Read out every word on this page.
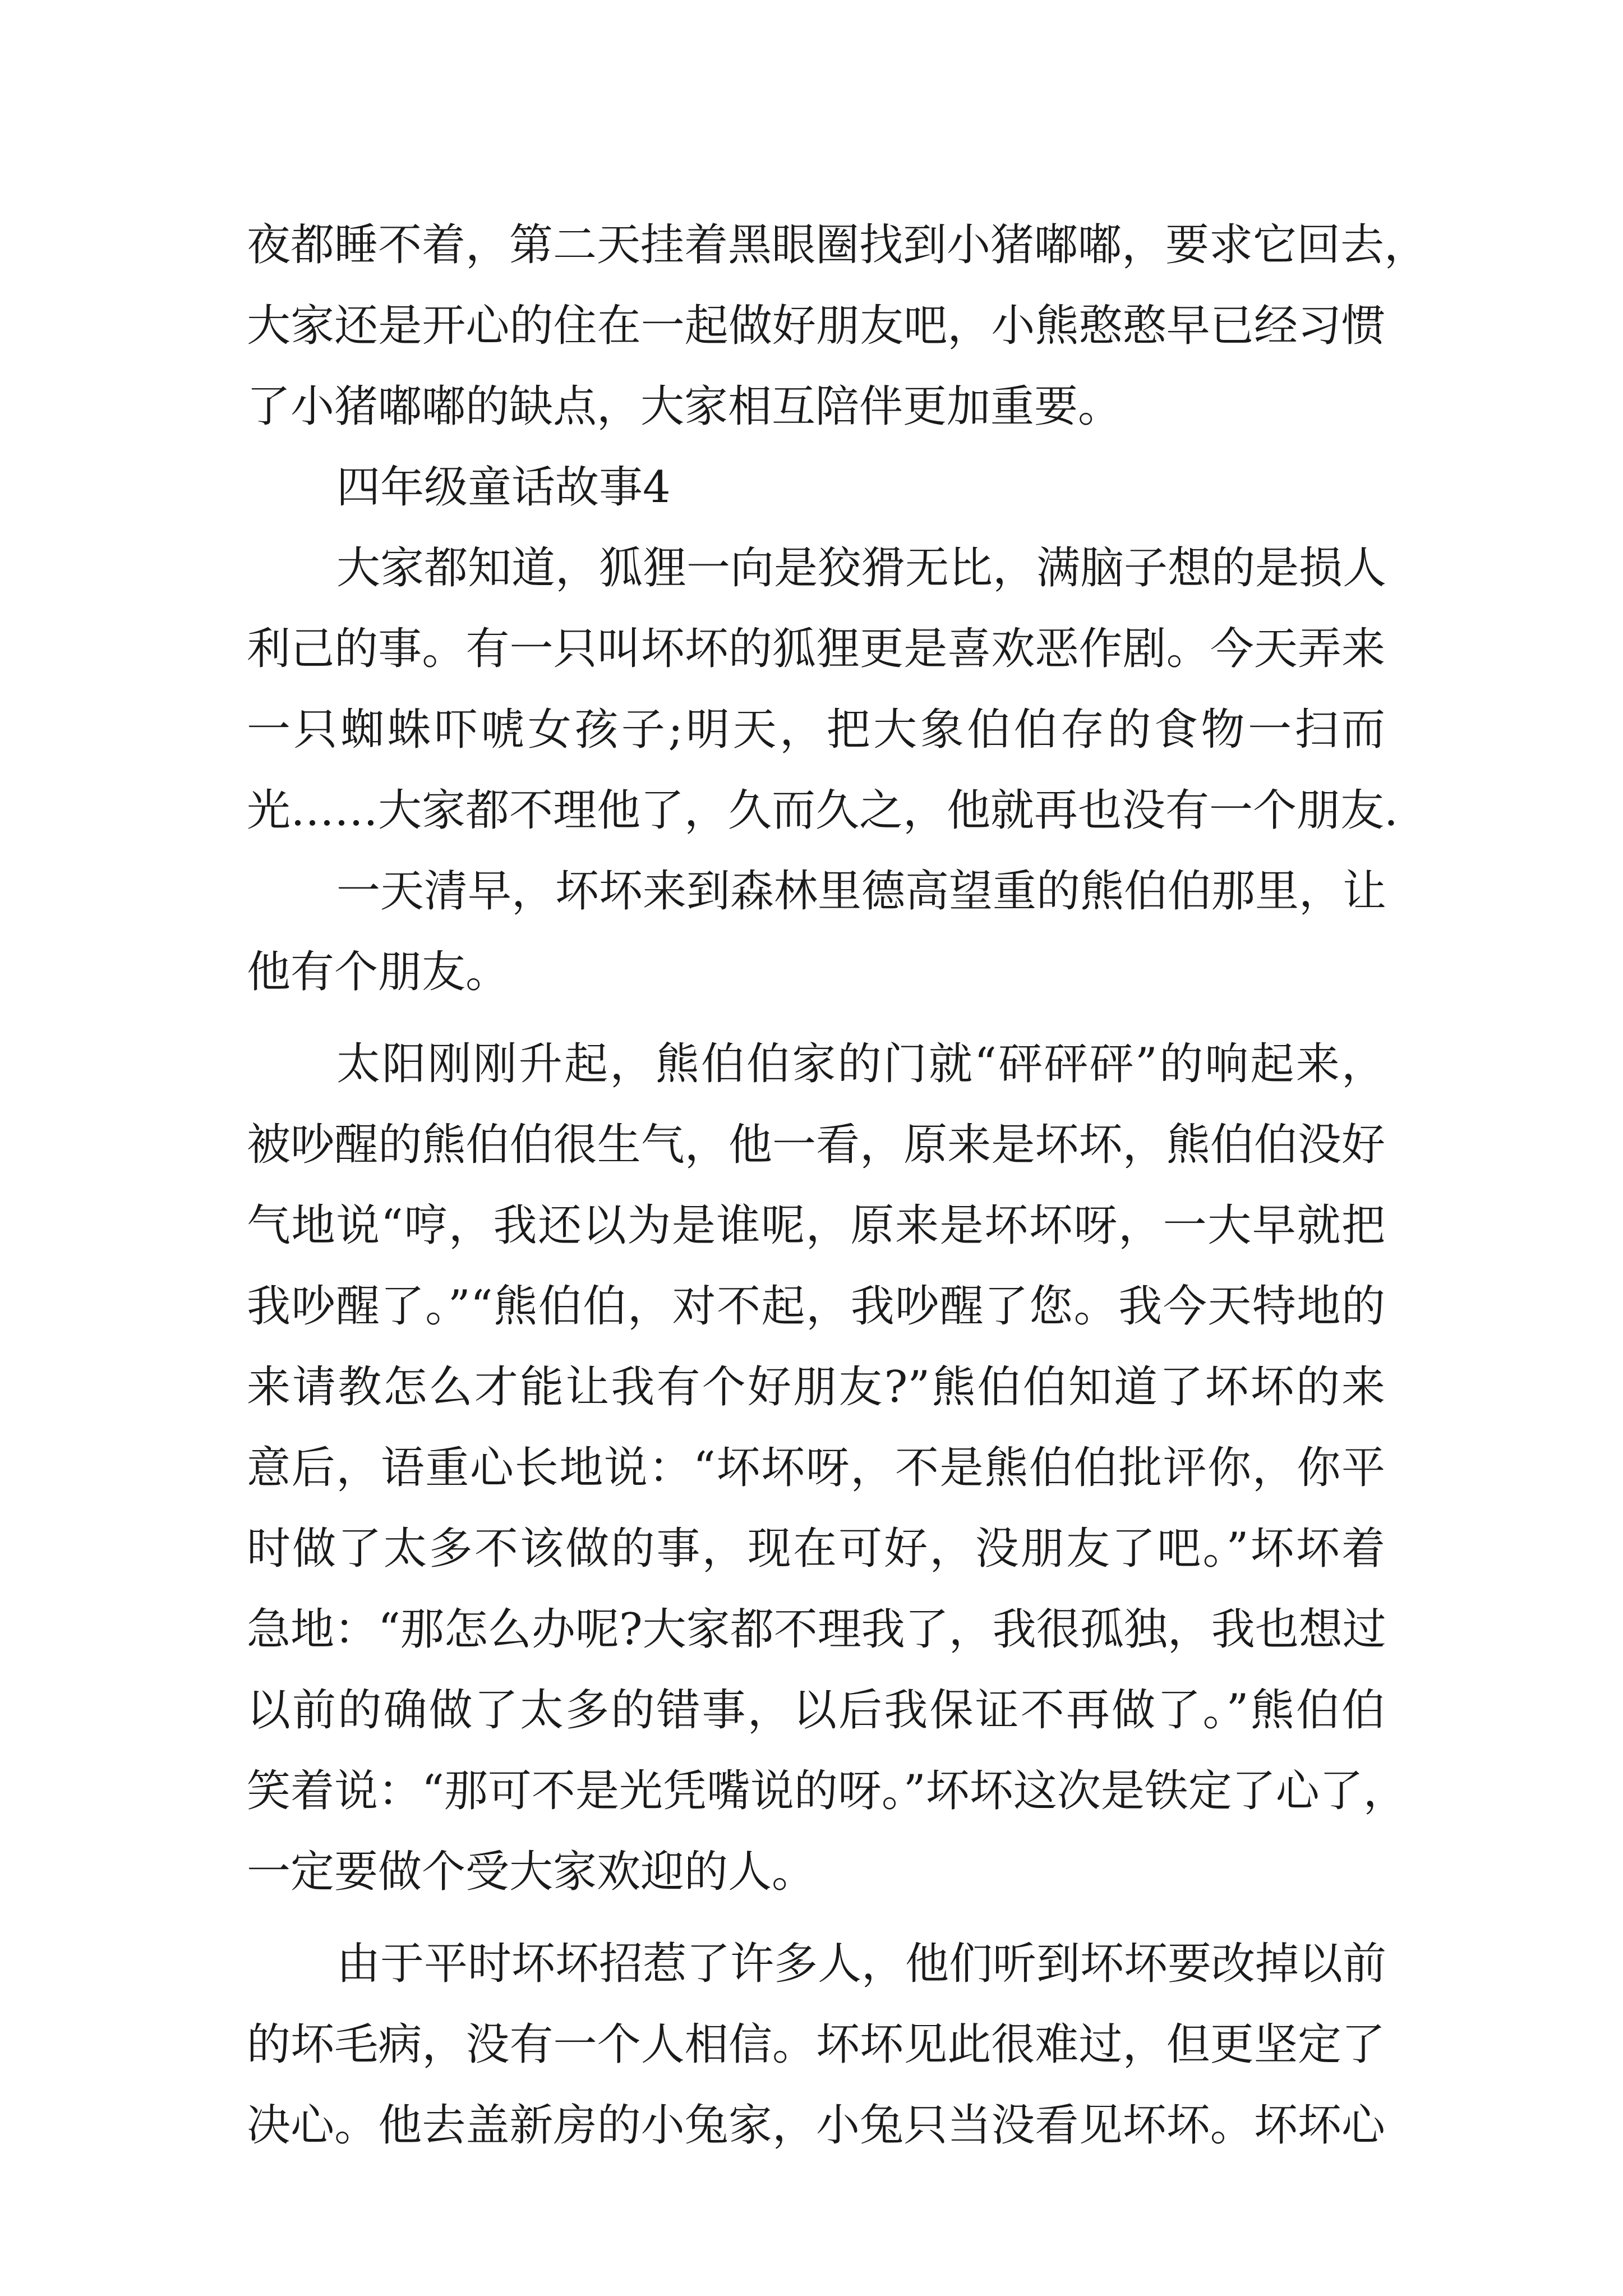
夜都睡不着，第二天挂着黑眼圈找到小猪嘟嘟，要求它回去，
大家还是开心的住在一起做好朋友吧，小熊憨憨早已经习惯
了小猪嘟嘟的缺点，大家相互陪伴更加重要。
四年级童话故事4
大家都知道，狐狸一向是狡猾无比，满脑子想的是损人
利己的事。有一只叫坏坏的狐狸更是喜欢恶作剧。今天弄来
一只蜘蛛吓唬女孩子;明天，把大象伯伯存的食物一扫而
光……大家都不理他了，久而久之，他就再也没有一个朋友.
一天清早，坏坏来到森林里德高望重的熊伯伯那里，让
他有个朋友。
太阳刚刚升起，熊伯伯家的门就“砰砰砰”的响起来，
被吵醒的熊伯伯很生气，他一看，原来是坏坏，熊伯伯没好
气地说“哼，我还以为是谁呢，原来是坏坏呀，一大早就把
我吵醒了。”“熊伯伯，对不起，我吵醒了您。我今天特地的
来请教怎么才能让我有个好朋友?”熊伯伯知道了坏坏的来
意后，语重心长地说：“坏坏呀，不是熊伯伯批评你，你平
时做了太多不该做的事，现在可好，没朋友了吧。”坏坏着
急地：“那怎么办呢?大家都不理我了，我很孤独，我也想过
以前的确做了太多的错事，以后我保证不再做了。”熊伯伯
笑着说：“那可不是光凭嘴说的呀。”坏坏这次是铁定了心了，
一定要做个受大家欢迎的人。
由于平时坏坏招惹了许多人，他们听到坏坏要改掉以前
的坏毛病，没有一个人相信。坏坏见此很难过，但更坚定了
决心。他去盖新房的小兔家，小兔只当没看见坏坏。坏坏心
